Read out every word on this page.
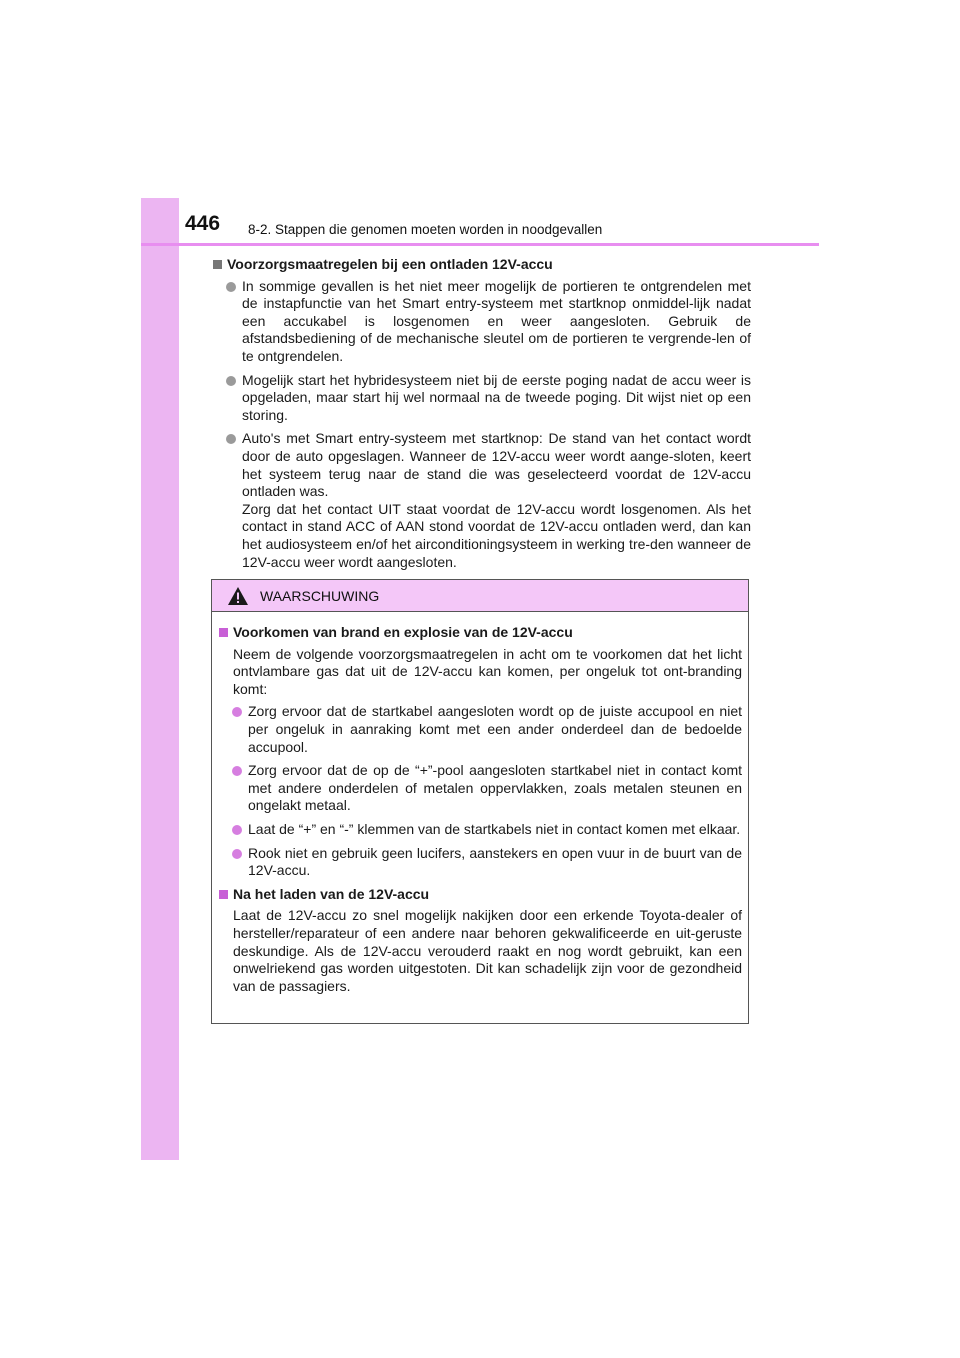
446 8-2. Stappen die genomen moeten worden in noodgevallen
Voorzorgsmaatregelen bij een ontladen 12V-accu
In sommige gevallen is het niet meer mogelijk de portieren te ontgrendelen met de instapfunctie van het Smart entry-systeem met startknop onmiddel-lijk nadat een accukabel is losgenomen en weer aangesloten. Gebruik de afstandsbediening of de mechanische sleutel om de portieren te vergrende-len of te ontgrendelen.
Mogelijk start het hybridesysteem niet bij de eerste poging nadat de accu weer is opgeladen, maar start hij wel normaal na de tweede poging. Dit wijst niet op een storing.

Auto's met Smart entry-systeem met startknop: De stand van het contact wordt door de auto opgeslagen. Wanneer de 12V-accu weer wordt aange-sloten, keert het systeem terug naar de stand die was geselecteerd voordat de 12V-accu ontladen was.

Zorg dat het contact UIT staat voordat de 12V-accu wordt losgenomen. Als het contact in stand ACC of AAN stond voordat de 12V-accu ontladen werd, dan kan het audiosysteem en/of het airconditioningsysteem in werking tre-den wanneer de 12V-accu weer wordt aangesloten.

WAARSCHUWING
Voorkomen van brand en explosie van de 12V-accu
Neem de volgende voorzorgsmaatregelen in acht om te voorkomen dat het licht ontvlambare gas dat uit de 12V-accu kan komen, per ongeluk tot ont-branding komt:
Zorg ervoor dat de startkabel aangesloten wordt op de juiste accupool en niet per ongeluk in aanraking komt met een ander onderdeel dan de bedoelde accupool.
Zorg ervoor dat de op de “+”-pool aangesloten startkabel niet in contact komt met andere onderdelen of metalen oppervlakken, zoals metalen steunen en ongelakt metaal.
Laat de “+” en “-” klemmen van de startkabels niet in contact komen met elkaar.
Rook niet en gebruik geen lucifers, aanstekers en open vuur in de buurt van de 12V-accu.
Na het laden van de 12V-accu
Laat de 12V-accu zo snel mogelijk nakijken door een erkende Toyota-dealer of hersteller/reparateur of een andere naar behoren gekwalificeerde en uit-geruste deskundige. Als de 12V-accu verouderd raakt en nog wordt gebruikt, kan een onwelriekend gas worden uitgestoten. Dit kan schadelijk zijn voor de gezondheid van de passagiers.
